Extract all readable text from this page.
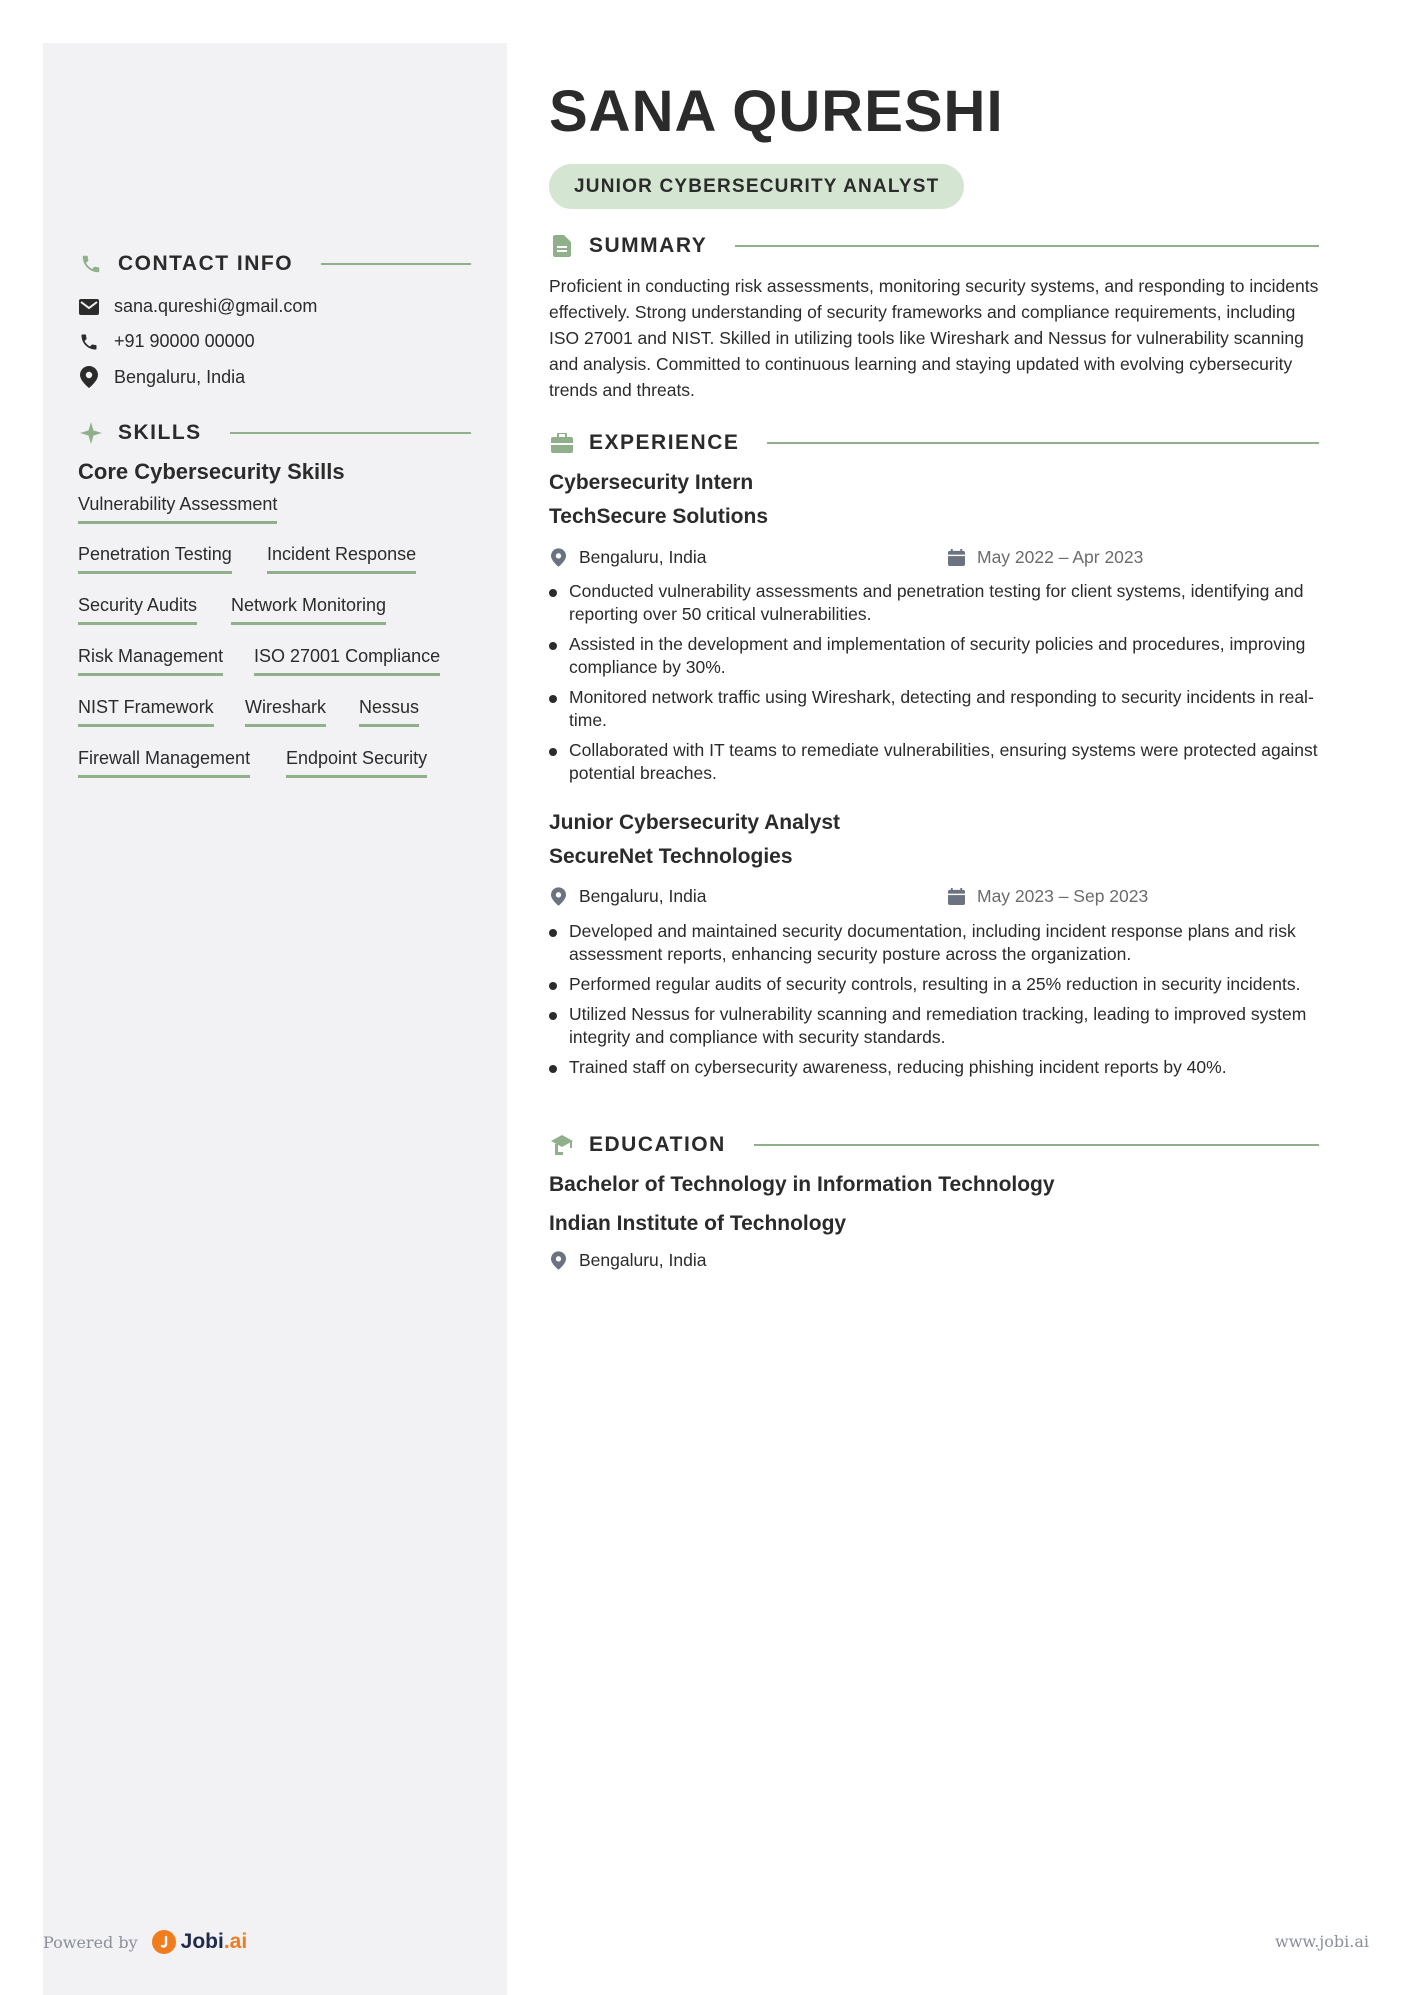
CONTACT INFO
sana.qureshi@gmail.com
+91 90000 00000
Bengaluru, India
SKILLS
Core Cybersecurity Skills
Vulnerability Assessment
Penetration Testing Incident Response
Security Audits Network Monitoring
Risk Management ISO 27001 Compliance
NIST Framework Wireshark Nessus
Firewall Management Endpoint Security
SANA QURESHI
JUNIOR CYBERSECURITY ANALYST
SUMMARY
Proficient in conducting risk assessments, monitoring security systems, and responding to incidents effectively. Strong understanding of security frameworks and compliance requirements, including ISO 27001 and NIST. Skilled in utilizing tools like Wireshark and Nessus for vulnerability scanning and analysis. Committed to continuous learning and staying updated with evolving cybersecurity trends and threats.
EXPERIENCE
Cybersecurity Intern
TechSecure Solutions
Bengaluru, India	May 2022 – Apr 2023
Conducted vulnerability assessments and penetration testing for client systems, identifying and reporting over 50 critical vulnerabilities.
Assisted in the development and implementation of security policies and procedures, improving compliance by 30%.
Monitored network traffic using Wireshark, detecting and responding to security incidents in real-time.
Collaborated with IT teams to remediate vulnerabilities, ensuring systems were protected against potential breaches.
Junior Cybersecurity Analyst
SecureNet Technologies
Bengaluru, India	May 2023 – Sep 2023
Developed and maintained security documentation, including incident response plans and risk assessment reports, enhancing security posture across the organization.
Performed regular audits of security controls, resulting in a 25% reduction in security incidents.
Utilized Nessus for vulnerability scanning and remediation tracking, leading to improved system integrity and compliance with security standards.
Trained staff on cybersecurity awareness, reducing phishing incident reports by 40%.
EDUCATION
Bachelor of Technology in Information Technology
Indian Institute of Technology
Bengaluru, India
Powered by Jobi.ai	www.jobi.ai
